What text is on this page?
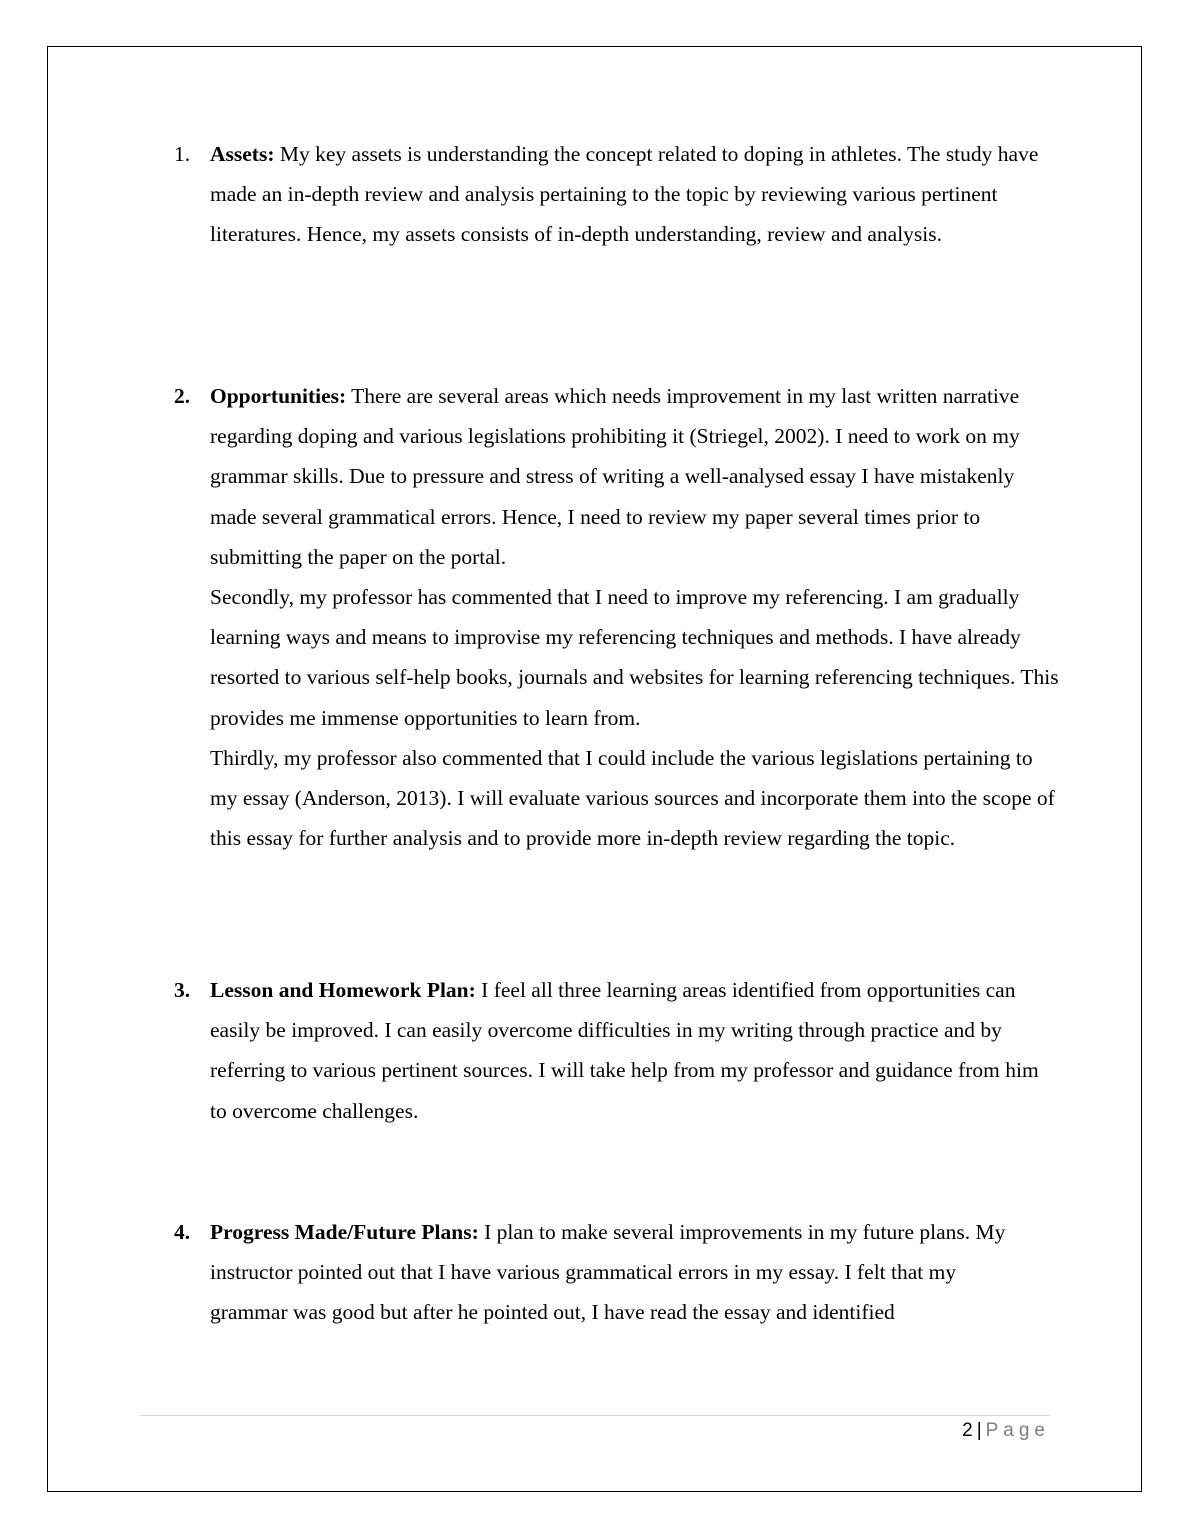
1. Assets: My key assets is understanding the concept related to doping in athletes. The study have made an in-depth review and analysis pertaining to the topic by reviewing various pertinent literatures. Hence, my assets consists of in-depth understanding, review and analysis.

2. Opportunities: There are several areas which needs improvement in my last written narrative regarding doping and various legislations prohibiting it (Striegel, 2002). I need to work on my grammar skills. Due to pressure and stress of writing a well-analysed essay I have mistakenly made several grammatical errors. Hence, I need to review my paper several times prior to submitting the paper on the portal.

Secondly, my professor has commented that I need to improve my referencing. I am gradually learning ways and means to improvise my referencing techniques and methods. I have already resorted to various self-help books, journals and websites for learning referencing techniques. This provides me immense opportunities to learn from.

Thirdly, my professor also commented that I could include the various legislations pertaining to my essay (Anderson, 2013). I will evaluate various sources and incorporate them into the scope of this essay for further analysis and to provide more in-depth review regarding the topic.

3. Lesson and Homework Plan: I feel all three learning areas identified from opportunities can easily be improved. I can easily overcome difficulties in my writing through practice and by referring to various pertinent sources. I will take help from my professor and guidance from him to overcome challenges.

4. Progress Made/Future Plans: I plan to make several improvements in my future plans. My instructor pointed out that I have various grammatical errors in my essay. I felt that my grammar was good but after he pointed out, I have read the essay and identified

2 | Page
